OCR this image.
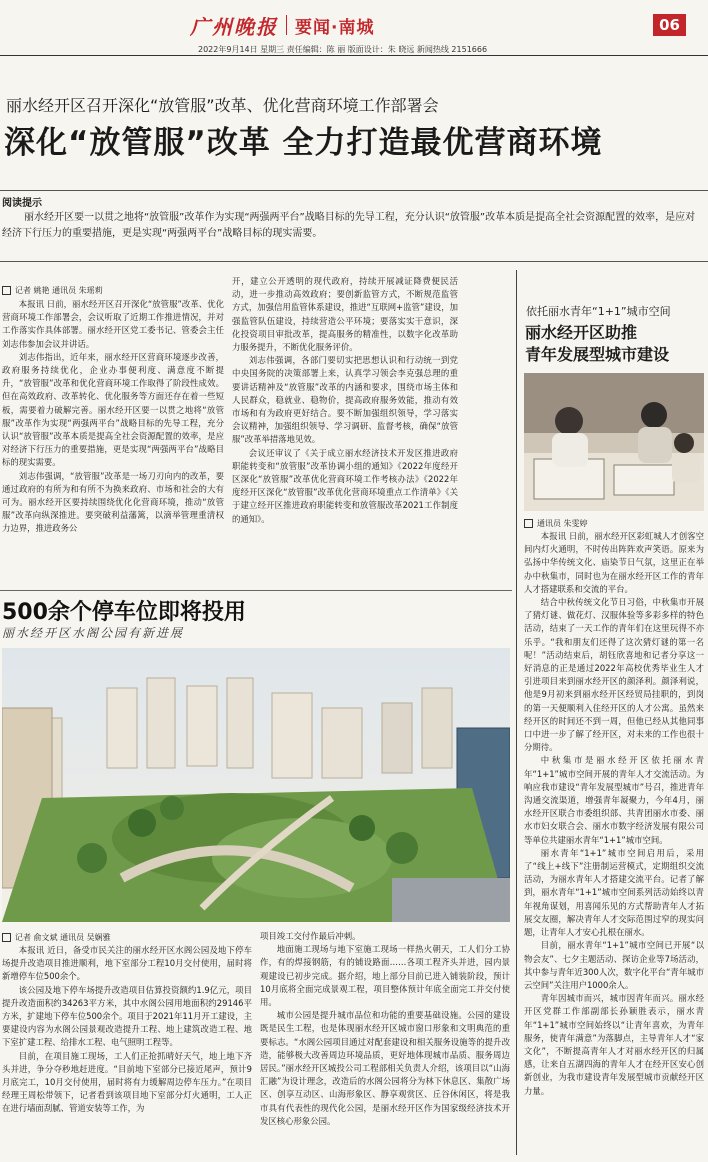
广州晚报 要闻·南城	06
2022年9月14日 星期三 责任编辑：陈 丽 版面设计：朱 晓远 新闻热线 2151666
丽水经开区召开深化“放管服”改革、优化营商环境工作部署会
深化“放管服”改革 全力打造最优营商环境
阅读提示
丽水经开区要一以贯之地将“放管服”改革作为实现“两强两平台”战略目标的先导工程，充分认识“放管服”改革本质是提高全社会资源配置的效率，是应对经济下行压力的重要措施，更是实现“两强两平台”战略目标的现实需要。
记者 姚艳 通讯员 朱瑶莉

本报讯 日前，丽水经开区召开深化“放管服”改革、优化营商环境工作部署会，会议听取了近期工作推进情况，并对工作落实作具体部署。丽水经开区党工委书记、管委会主任刘志伟参加会议并讲话。

刘志伟指出，近年来，丽水经开区营商环境逐步改善，政府服务持续优化，企业办事便利度、满意度不断提升，“放管服”改革和优化营商环境工作取得了阶段性成效。但在高效政府、改革转化、优化服务等方面还存在着一些短板，需要着力破解完善。丽水经开区要一以贯之地将“放管服”改革作为实现“两强两平台”战略目标的先导工程，充分认识“放管服”改革本质是提高全社会资源配置的效率，是应对经济下行压力的重要措施，更是实现“两强两平台”战略目标的现实需要。

刘志伟强调，“放管服”改革是一场刀刃向内的改革，要通过政府的有所为和有所不为换来政府、市场和社会的大有可为。丽水经开区要持续围绕优化化营商环境，推动“放管服”改革向纵深推进。要突破利益藩篱，以滴举管理重清权力边界，推进政务公

开，建立公开透明的现代政府，持续开展减证降费便民活动，进一步推动高效政府；要创新监管方式，不断规范监管方式，加强信用监管体系建设，推进“互联网+监管”建设，加强监管队伍建设，持续营造公平环境；要落实实干意识，深化投资项目审批改革，提高服务的精准性，以数字化改革助力服务提升，不断优化服务评价。

刘志伟强调，各部门要切实把思想认识和行动统一到党中央国务院的决策部署上来，认真学习领会李克强总理的重要讲话精神及“放管服”改革的内涵和要求，围绕市场主体和人民群众，稳就业、稳物价，提高政府服务效能，推动有效市场和有为政府更好结合。要不断加强组织领导，学习落实会议精神，加强组织领导、学习调研、监督考核，确保“放管服”改革举措落地见效。

会议还审议了《关于成立丽水经济技术开发区推进政府职能转变和“放管服”改革协调小组的通知》《2022年度经开区深化“放管服”改革优化营商环境工作考核办法》《2022年度经开区深化“放管服”改革优化营商环境重点工作清单》《关于建立经开区推进政府职能转变和放管服改革2021工作制度的通知》。

依托丽水青年“1+1”城市空间
丽水经开区助推
青年发展型城市建设
通讯员 朱雯婷

本报讯 日前，丽水经开区彩虹城人才创客空间内灯火通明，不时传出阵阵欢声笑语。原来为弘扬中华传统文化、庙染节日气氛，这里正在举办中秋集市，同时也为在丽水经开区工作的青年人才搭建联系和交流的平台。

结合中秋传统文化节日习俗，中秋集市开展了猜灯谜、做花灯、汉服体验等多彩多样的特色活动，结束了一天工作的青年们在这里玩得不亦乐乎。“我和朋友们还得了这次猜灯谜的第一名呢！”活动结束后，胡钰欣喜地和记者分享这一好消息的正是通过2022年高校优秀毕业生人才引进项目来到丽水经开区的颜泽利。颜泽利说，他是9月初来到丽水经开区经贸局挂职的，到岗的第一天便顺利入住经开区的人才公寓。虽然来经开区的时间还不到一周，但他已经从其他同事口中进一步了解了经开区，对未来的工作也很十分期待。

中秋集市是丽水经开区依托丽水青年“1+1”城市空间开展的青年人才交流活动。为响应我市建设“青年发展型城市”号召，推进青年沟通交流渠道，增强青年凝聚力，今年4月，丽水经开区联合市委组织部、共青团丽水市委、丽水市妇女联合会、丽水市数字经济发展有限公司等单位共建丽水青年“1+1”城市空间。

丽水青年“1+1”城市空间启用后，采用了“线上+线下”注册制运营模式，定期组织交流活动，为丽水青年人才搭建交流平台。记者了解到，丽水青年“1+1”城市空间系列活动始终以青年视角谋划，用喜闻乐见的方式帮助青年人才拓展交友圈，解决青年人才交际范围过窄的现实问题，让青年人才安心扎根在丽水。

目前，丽水青年“1+1”城市空间已开展“以物会友”、七夕主题活动、探访企业等7场活动，其中参与青年近300人次，数字化平台“青年城市云空间”关注用户1000余人。

青年因城市而兴，城市因青年而兴。丽水经开区党群工作部副部长孙颖胜表示，丽水青年“1+1”城市空间始终以“让青年喜欢，为青年服务，使青年满意”为落脚点，主导青年人才“家文化”，不断提高青年人才对丽水经开区的归属感，让来自五湖四海的青年人才在经开区安心创新创业，为我市建设青年发展型城市贡献经开区力量。

500余个停车位即将投用
丽水经开区水阁公园有新进展
记者 俞文斌 通讯员 吴娴雅

本报讯 近日，备受市民关注的丽水经开区水阁公园及地下停车场提升改造项目推进顺利，地下室部分工程10月交付使用，届时将新增停车位500余个。

该公园及地下停车场提升改造项目估算投资额约1.9亿元，项目提升改造面积约34263平方米，其中水阁公园用地面积约29146平方米，扩建地下停车位500余个。项目于2021年11月开工建设，主要建设内容为水阁公园景观改造提升工程、地上建筑改造工程、地下室扩建工程、给排水工程、电气照明工程等。

目前，在项目施工现场，工人们正抢抓晴好天气，地上地下齐头并进，争分夺秒地赶进度。“目前地下室部分已接近尾声，预计9月底完工，10月交付使用，届时将有力缓解周边停车压力。”在项目经理王周松带领下，记者看到该项目地下室部分灯火通明，工人正在进行墙面刮腻、管道安装等工作，为

项目竣工交付作最后冲刺。

地面施工现场与地下室施工现场一样热火朝天，工人们分工协作，有的焊接钢筋，有的铺设路面……各项工程齐头并进，园内景观建设已初步完成。据介绍，地上部分目前已进入铺装阶段，预计10月底将全面完成景观工程，项目整体预计年底全面完工并交付使用。

城市公园是提升城市品位和功能的重要基础设施。公园的建设既是民生工程，也是体现丽水经开区城市窗口形象和文明典范的重要标志。“水阁公园项目通过对配套建设和相关服务设施等的提升改造，能够极大改善周边环境品质，更好地体现城市品质、服务周边居民。”丽水经开区城投公司工程部相关负责人介绍，该项目以“山海汇融”为设计理念，改造后的水阁公园将分为林下休息区、集散广场区、创享互动区、山海形象区、静享观赏区、丘谷休闲区，将是我市具有代表性的现代化公园，是丽水经开区作为国家级经济技术开发区核心形象公园。
